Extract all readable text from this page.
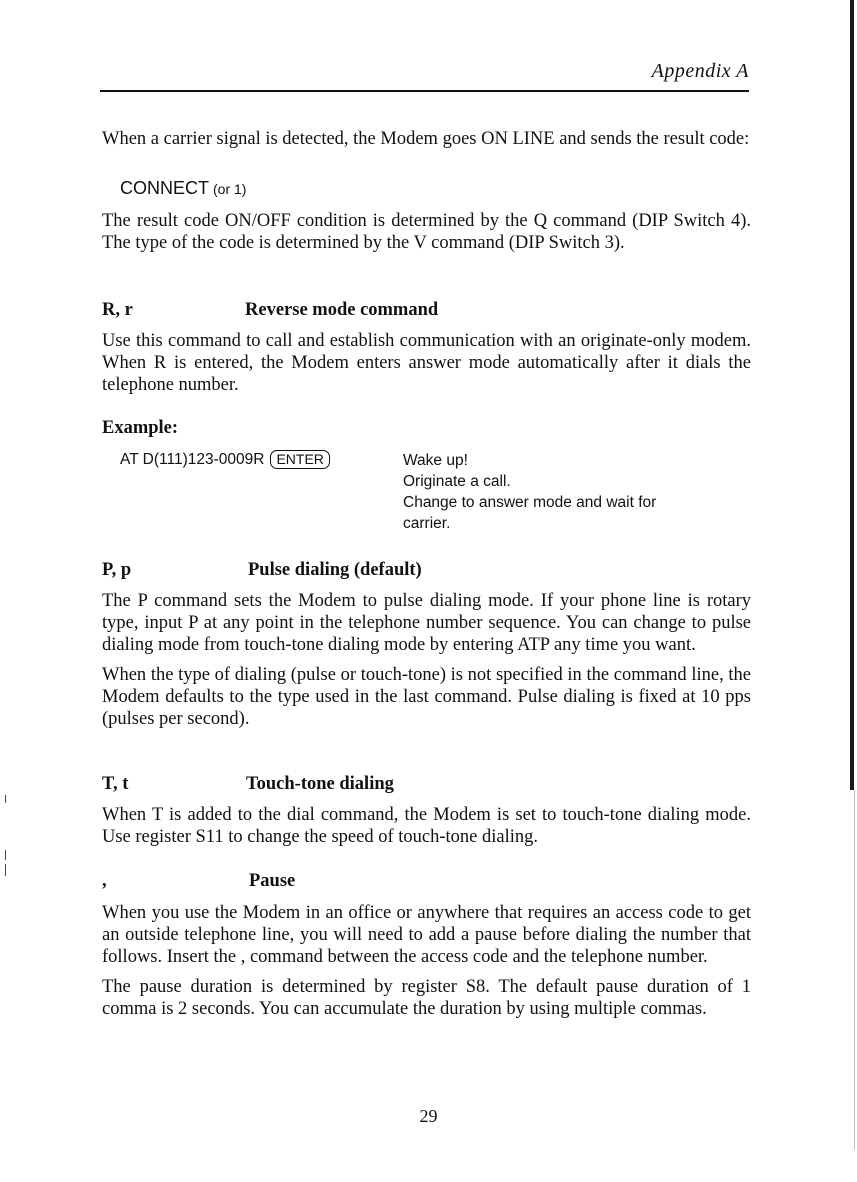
Appendix A

When a carrier signal is detected, the Modem goes ON LINE and sends the result code:

CONNECT (or 1)

The result code ON/OFF condition is determined by the Q command (DIP Switch 4). The type of the code is determined by the V command (DIP Switch 3).

R, r	Reverse mode command

Use this command to call and establish communication with an originate-only modem. When R is entered, the Modem enters answer mode automatically after it dials the telephone number.

Example:
AT D(111)123-0009R ENTER	Wake up!
Originate a call.
Change to answer mode and wait for
carrier.
P, p	Pulse dialing (default)

The P command sets the Modem to pulse dialing mode. If your phone line is rotary type, input P at any point in the telephone number sequence. You can change to pulse dialing mode from touch-tone dialing mode by entering ATP any time you want.

When the type of dialing (pulse or touch-tone) is not specified in the command line, the Modem defaults to the type used in the last command. Pulse dialing is fixed at 10 pps (pulses per second).

T, t	Touch-tone dialing

When T is added to the dial command, the Modem is set to touch-tone dialing mode. Use register S11 to change the speed of touch-tone dialing.

,	Pause

When you use the Modem in an office or anywhere that requires an access code to get an outside telephone line, you will need to add a pause before dialing the number that follows. Insert the , command between the access code and the telephone number.

The pause duration is determined by register S8. The default pause duration of 1 comma is 2 seconds. You can accumulate the duration by using multiple commas.

29
